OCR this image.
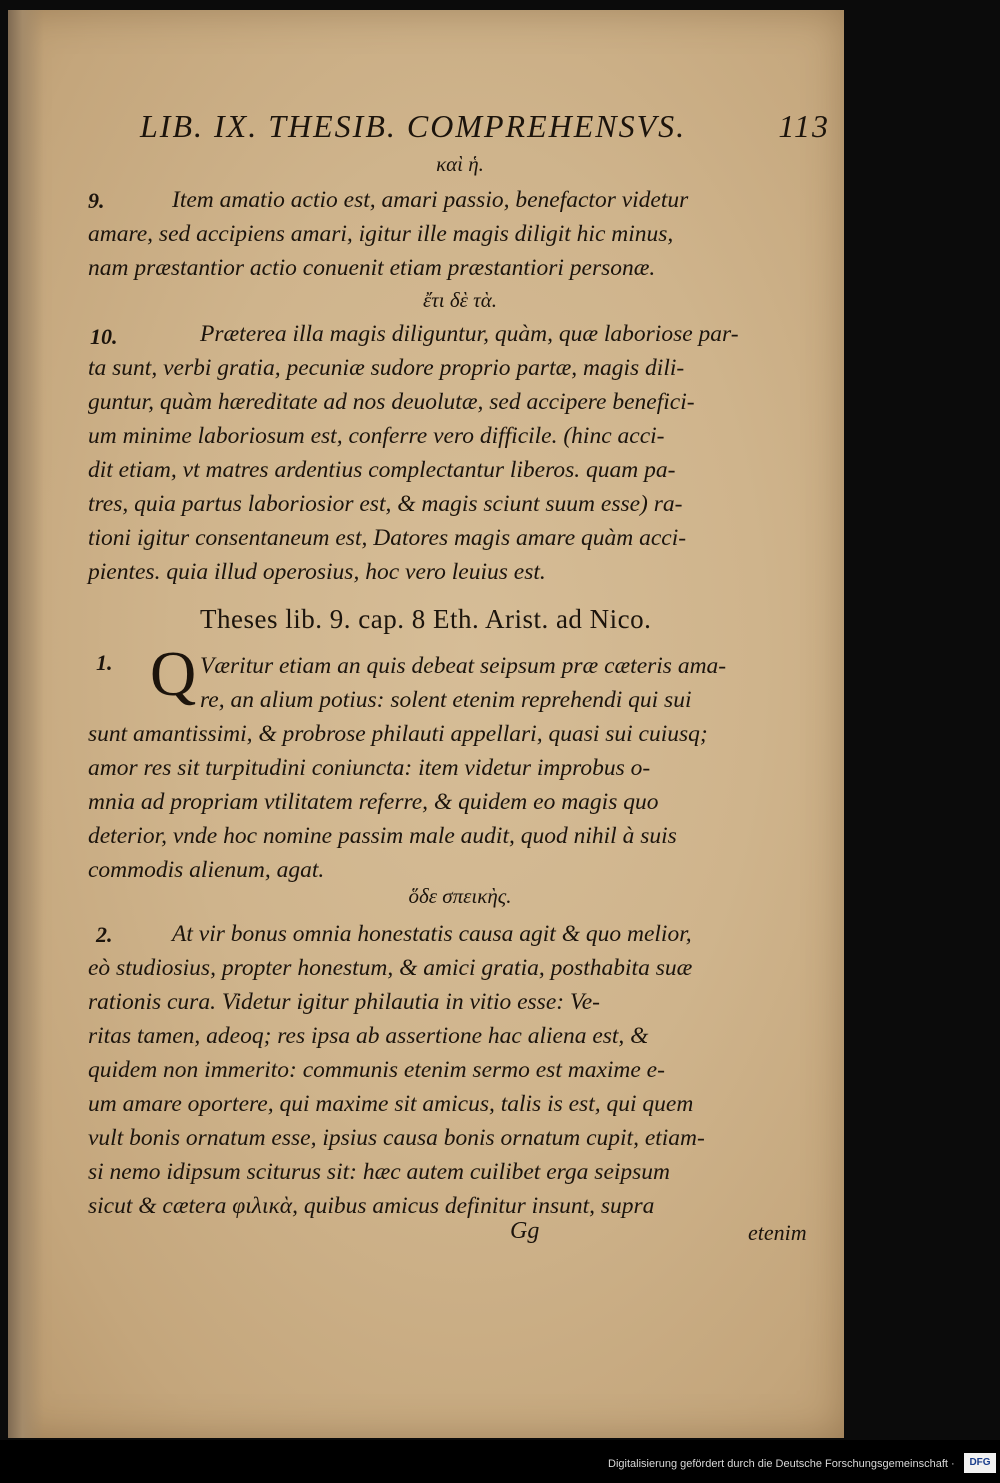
LIB. IX. THESIB. COMPREHENSVS.	113
καὶ ἡ.
9.	Item amatio actio est, amari passio, benefactor videtur
amare, sed accipiens amari, igitur ille magis diligit hic minus,
nam præstantior actio conuenit etiam præstantiori personæ.
ἔτι δὲ τὰ.
10.	Præterea illa magis diliguntur, quàm, quæ laboriose par-
ta sunt, verbi gratia, pecuniæ sudore proprio partæ, magis dili-
guntur, quàm hæreditate ad nos deuolutæ, sed accipere benefici-
um minime laboriosum est, conferre vero difficile. (hinc acci-
dit etiam, vt matres ardentius complectantur liberos. quam pa-
tres, quia partus laboriosior est, & magis sciunt suum esse) ra-
tioni igitur consentaneum est, Datores magis amare quàm acci-
pientes. quia illud operosius, hoc vero leuius est.
Theses lib. 9. cap. 8 Eth. Arist. ad Nico.
1. Q Væritur etiam an quis debeat seipsum præ cæteris ama-
re, an alium potius: solent etenim reprehendi qui sui
sunt amantissimi, & probrose philauti appellari, quasi sui cuiusq;
amor res sit turpitudini coniuncta: item videtur improbus o-
mnia ad propriam vtilitatem referre, & quidem eo magis quo
deterior, vnde hoc nomine passim male audit, quod nihil à suis
commodis alienum, agat.
ὅδε σπεικὴς.
2.	At vir bonus omnia honestatis causa agit & quo melior,
eò studiosius, propter honestum, & amici gratia, posthabita suæ
rationis cura. Videtur igitur philautia in vitio esse: Ve-
ritas tamen, adeoq; res ipsa ab assertione hac aliena est, &
quidem non immerito: communis etenim sermo est maxime e-
um amare oportere, qui maxime sit amicus, talis is est, qui quem
vult bonis ornatum esse, ipsius causa bonis ornatum cupit, etiam-
si nemo idipsum sciturus sit: hæc autem cuilibet erga seipsum
sicut & cætera φιλικὰ, quibus amicus definitur insunt, supra
Gg	etenim
Digitalisierung gefördert durch die Deutsche Forschungsgemeinschaft ·	DFG
